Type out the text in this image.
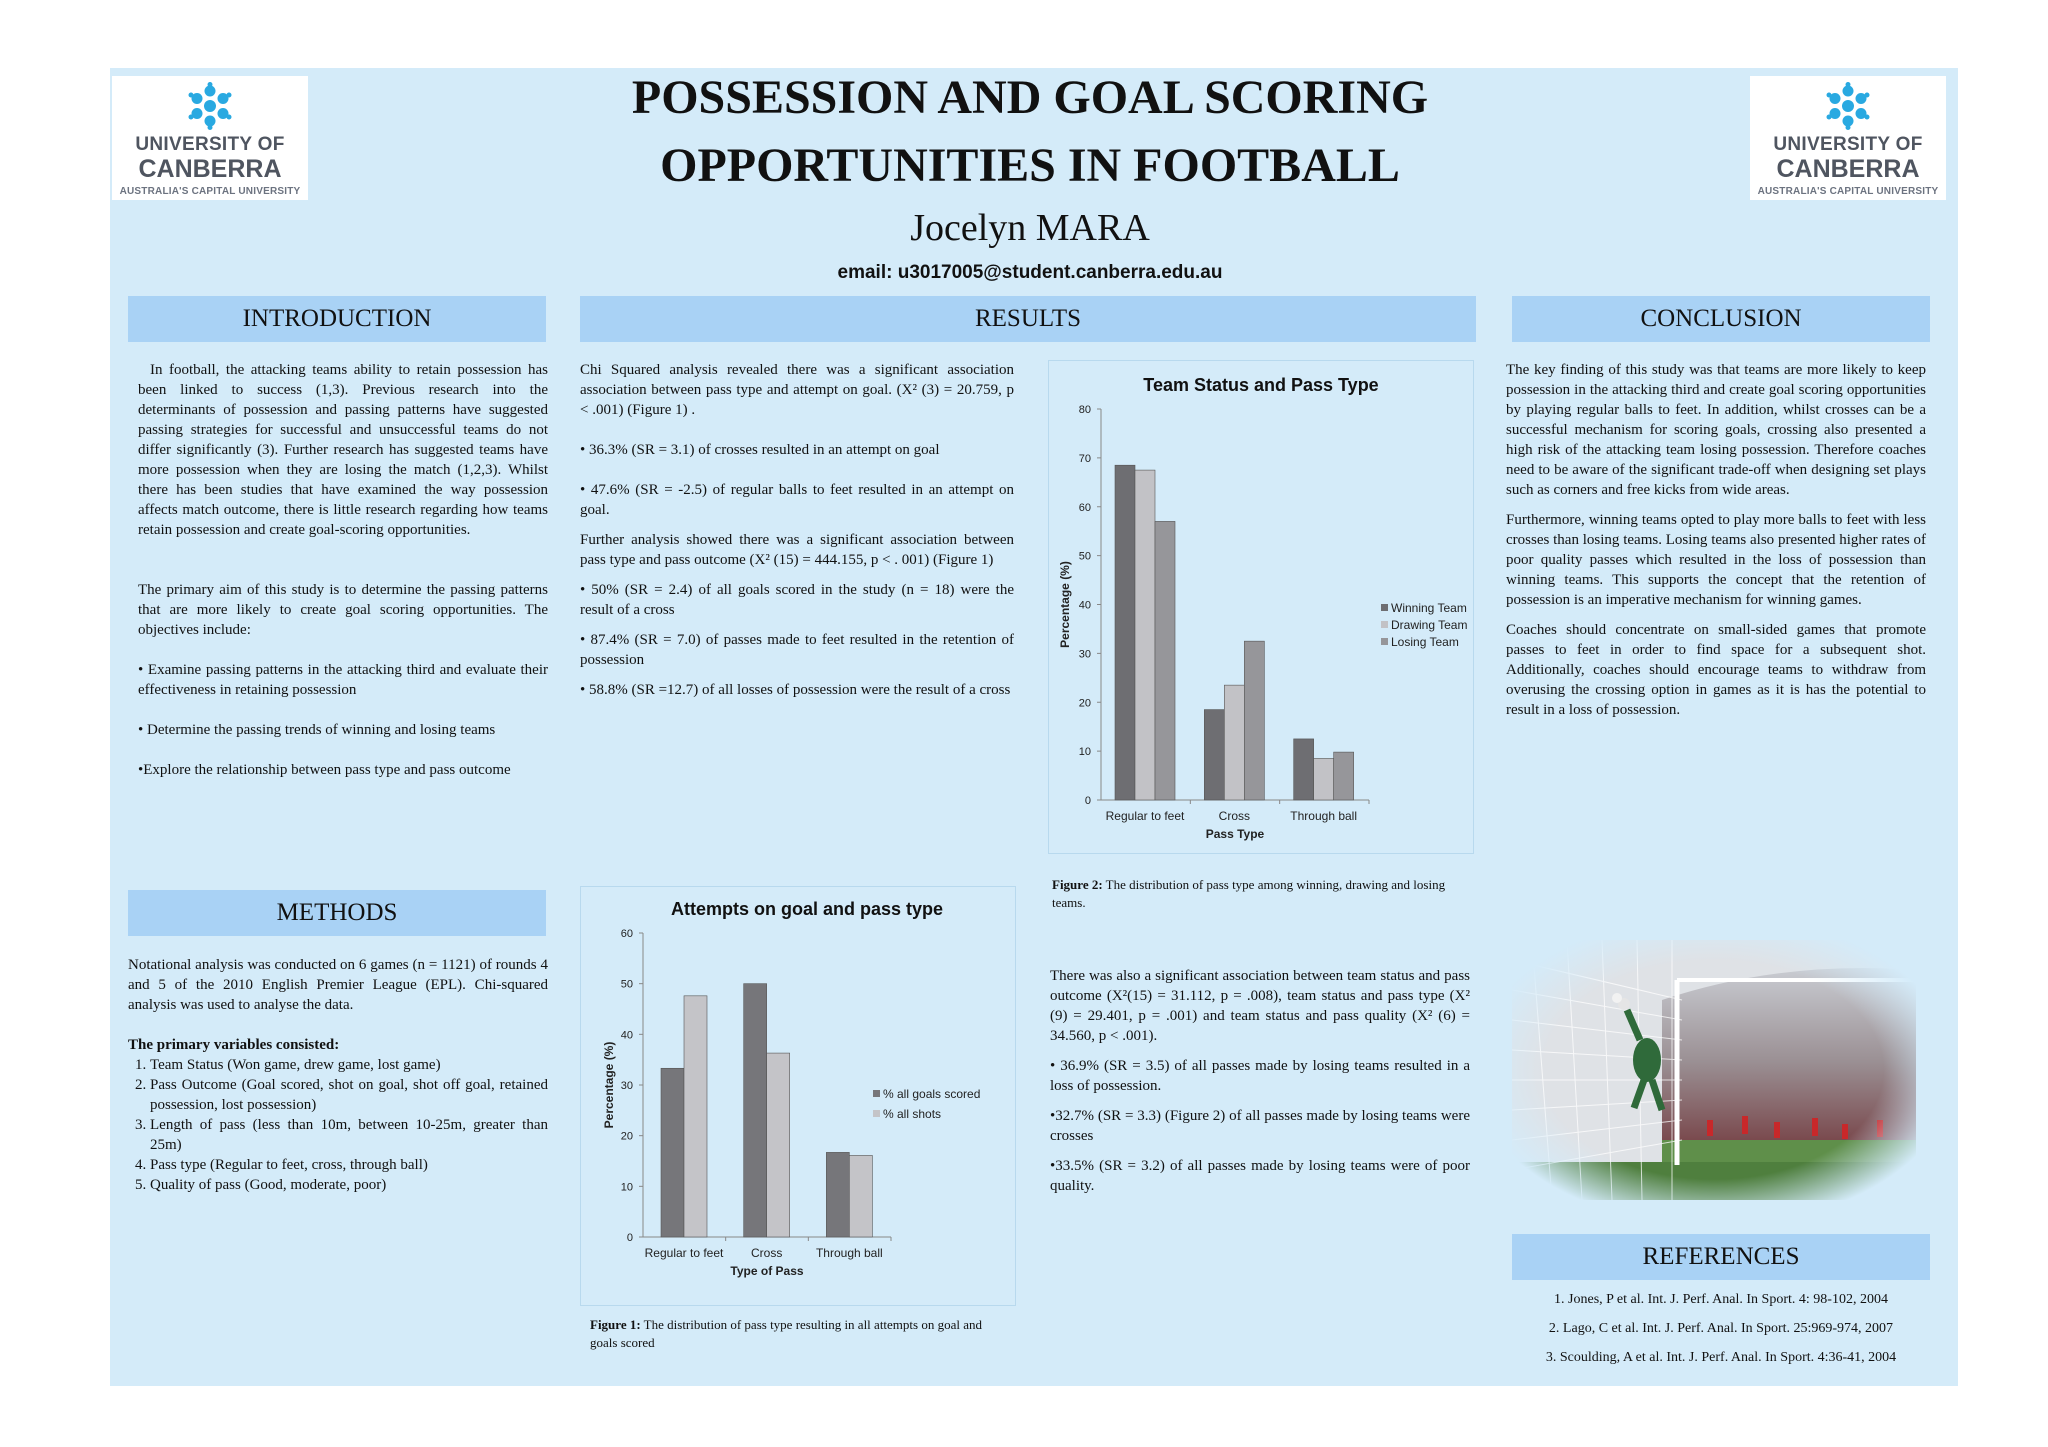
UNIVERSITY OF
CANBERRA
AUSTRALIA'S CAPITAL UNIVERSITY
UNIVERSITY OF
CANBERRA
AUSTRALIA'S CAPITAL UNIVERSITY
POSSESSION AND GOAL SCORING
OPPORTUNITIES IN FOOTBALL
Jocelyn MARA
email: u3017005@student.canberra.edu.au
INTRODUCTION	RESULTS	CONCLUSION
METHODS
REFERENCES

In football, the attacking teams ability to retain possession has been linked to success (1,3). Previous research into the determinants of possession and passing patterns have suggested passing strategies for successful and unsuccessful teams do not differ significantly (3). Further research has suggested teams have more possession when they are losing the match (1,2,3). Whilst there has been studies that have examined the way possession affects match outcome, there is little research regarding how teams retain possession and create goal-scoring opportunities.

The primary aim of this study is to determine the passing patterns that are more likely to create goal scoring opportunities. The objectives include:

• Examine passing patterns in the attacking third and evaluate their effectiveness in retaining possession

• Determine the passing trends of winning and losing teams

•Explore the relationship between pass type and pass outcome

Notational analysis was conducted on 6 games (n = 1121) of rounds 4 and 5 of the 2010 English Premier League (EPL). Chi-squared analysis was used to analyse the data.

The primary variables consisted:

1. Team Status (Won game, drew game, lost game)
2. Pass Outcome (Goal scored, shot on goal, shot off goal, retained possession, lost possession)
3. Length of pass (less than 10m, between 10-25m, greater than 25m)
4. Pass type (Regular to feet, cross, through ball)
5. Quality of pass (Good, moderate, poor)

Chi Squared analysis revealed there was a significant association association between pass type and attempt on goal. (X² (3) = 20.759, p < .001) (Figure 1) .

• 36.3% (SR = 3.1) of crosses resulted in an attempt on goal

• 47.6% (SR = -2.5) of regular balls to feet resulted in an attempt on goal.

Further analysis showed there was a significant association between pass type and pass outcome (X² (15) = 444.155, p < . 001) (Figure 1)

• 50% (SR = 2.4) of all goals scored in the study (n = 18) were the result of a cross

• 87.4% (SR = 7.0) of passes made to feet resulted in the retention of possession

• 58.8% (SR =12.7) of all losses of possession were the result of a cross

There was also a significant association between team status and pass outcome (X²(15) = 31.112, p = .008), team status and pass type (X² (9) = 29.401, p = .001) and team status and pass quality (X² (6) = 34.560, p < .001).

• 36.9% (SR = 3.5) of all passes made by losing teams resulted in a loss of possession.

•32.7% (SR = 3.3) (Figure 2) of all passes made by losing teams were crosses

•33.5% (SR = 3.2) of all passes made by losing teams were of poor quality.

Team Status and Pass Type
0
10
20
30
40
50
60
70
80
Regular to feet	Cross	Through ball
Pass Type
Percentage (%)	Winning Team
Drawing Team
Losing Team
Figure 2: The distribution of pass type among winning, drawing and losing teams.
Attempts on goal and pass type
0
10
20
30
40
50
60
Regular to feet Cross	Through ball
Type of Pass
Percentage (%)	% all goals scored
% all shots
Figure 1: The distribution of pass type resulting in all attempts on goal and goals scored

The key finding of this study was that teams are more likely to keep possession in the attacking third and create goal scoring opportunities by playing regular balls to feet. In addition, whilst crosses can be a successful mechanism for scoring goals, crossing also presented a high risk of the attacking team losing possession. Therefore coaches need to be aware of the significant trade-off when designing set plays such as corners and free kicks from wide areas.

Furthermore, winning teams opted to play more balls to feet with less crosses than losing teams. Losing teams also presented higher rates of poor quality passes which resulted in the loss of possession than winning teams. This supports the concept that the retention of possession is an imperative mechanism for winning games.

Coaches should concentrate on small-sided games that promote passes to feet in order to find space for a subsequent shot. Additionally, coaches should encourage teams to withdraw from overusing the crossing option in games as it is has the potential to result in a loss of possession.

1. Jones, P et al. Int. J. Perf. Anal. In Sport. 4: 98-102, 2004
2. Lago, C et al. Int. J. Perf. Anal. In Sport. 25:969-974, 2007
3. Scoulding, A et al. Int. J. Perf. Anal. In Sport. 4:36-41, 2004
